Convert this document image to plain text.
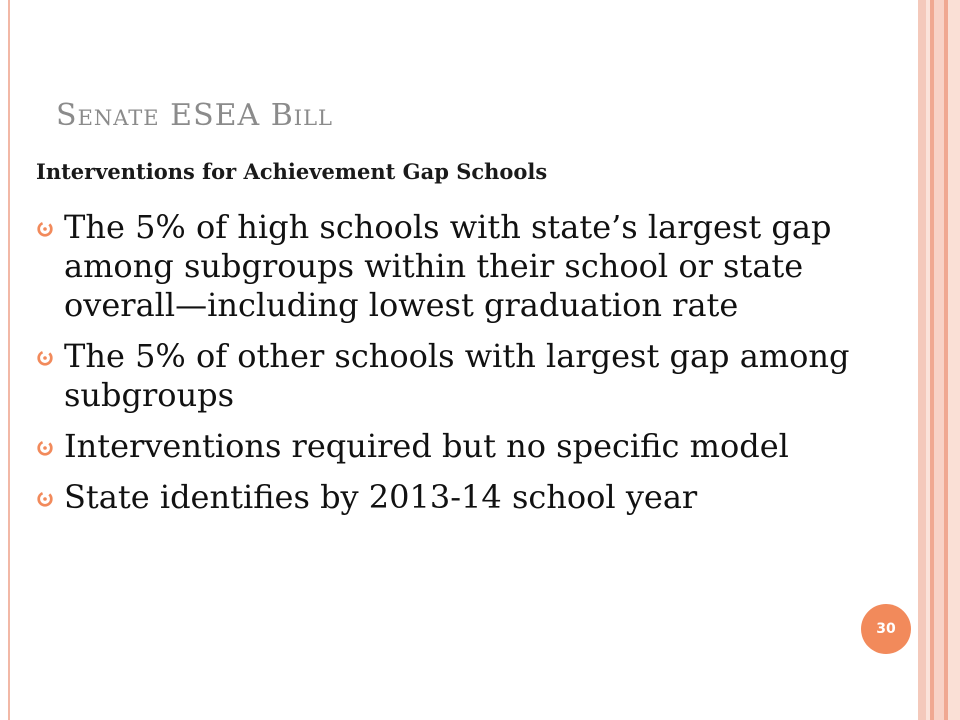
Senate ESEA Bill

Interventions for Achievement Gap Schools

The 5% of high schools with state’s largest gap among subgroups within their school or state overall—including lowest graduation rate
The 5% of other schools with largest gap among subgroups
Interventions required but no specific model
State identifies by 2013-14 school year
30
